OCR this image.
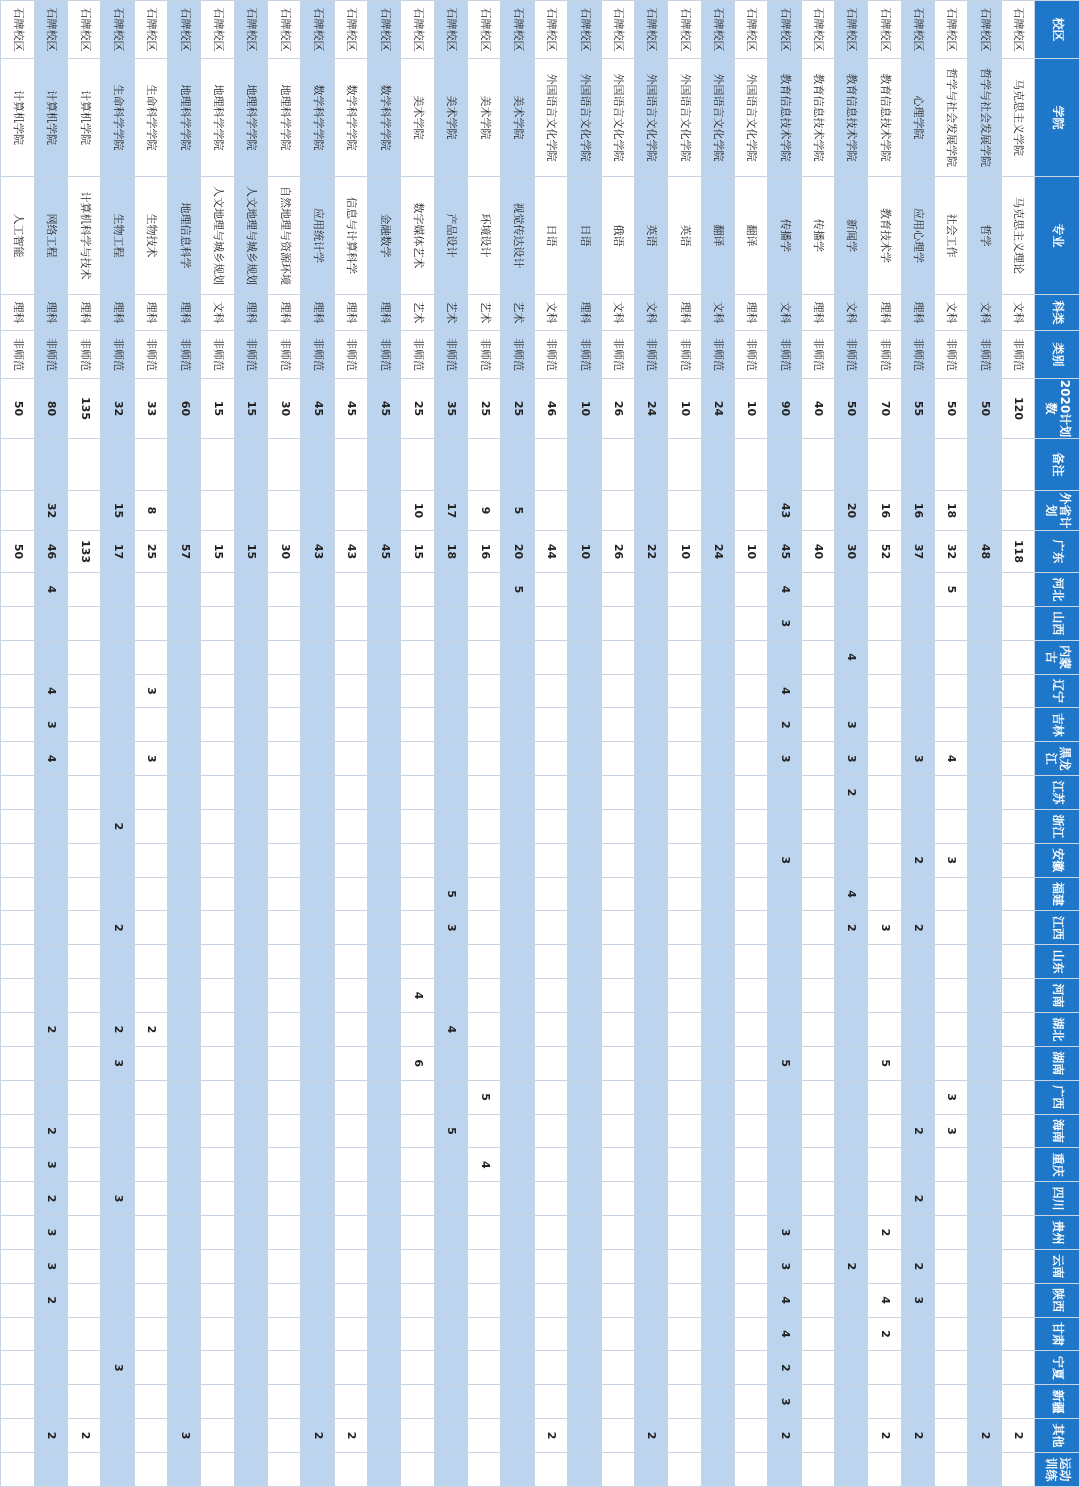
校区	学院	专业	科类	类别	2020计划数	备注	外省计划	广东	河北	山西	内蒙古	辽宁	吉林	黑龙江	江苏	浙江	安徽	福建	江西	山东	河南	湖北	湖南	广西	海南	重庆	四川	贵州	云南	陕西	甘肃	宁夏	新疆	其他	运动训练
石牌校区	马克思主义学院	马克思主义理论	文科	非师范	120			118																										2	
石牌校区	哲学与社会发展学院	哲学	文科	非师范	50			48																										2	
石牌校区	哲学与社会发展学院	社会工作	文科	非师范	50		18	32	5					4			3							3	3										
石牌校区	心理学院	应用心理学	理科	非师范	55		16	37						3			2		2						2		2		2	3				2	
石牌校区	教育信息技术学院	教育技术学	理科	非师范	70		16	52											3				5					2		4	2			2	
石牌校区	教育信息技术学院	新闻学	文科	非师范	50		20	30			4		3	3	2			4	2										2						
石牌校区	教育信息技术学院	传播学	理科	非师范	40			40																											
石牌校区	教育信息技术学院	传播学	文科	非师范	90		43	45	4	3		4	2	3			3						5					3	3	4	4	2	3	2	
石牌校区	外国语言文化学院	翻译	理科	非师范	10			10																											
石牌校区	外国语言文化学院	翻译	文科	非师范	24			24																											
石牌校区	外国语言文化学院	英语	理科	非师范	10			10																											
石牌校区	外国语言文化学院	英语	文科	非师范	24			22																										2	
石牌校区	外国语言文化学院	俄语	文科	非师范	26			26																											
石牌校区	外国语言文化学院	日语	理科	非师范	10			10																											
石牌校区	外国语言文化学院	日语	文科	非师范	46			44																										2	
石牌校区	美术学院	视觉传达设计	艺术	非师范	25		5	20	5																										
石牌校区	美术学院	环境设计	艺术	非师范	25		9	16																5		4									
石牌校区	美术学院	产品设计	艺术	非师范	35		17	18										5	3			4			5										
石牌校区	美术学院	数字媒体艺术	艺术	非师范	25		10	15													4		6												
石牌校区	数学科学学院	金融数学	理科	非师范	45			45																											
石牌校区	数学科学学院	信息与计算科学	理科	非师范	45			43																										2	
石牌校区	数学科学学院	应用统计学	理科	非师范	45			43																										2	
石牌校区	地理科学学院	自然地理与资源环境	理科	非师范	30			30																											
石牌校区	地理科学学院	人文地理与城乡规划	理科	非师范	15			15																											
石牌校区	地理科学学院	人文地理与城乡规划	文科	非师范	15			15																											
石牌校区	地理科学学院	地理信息科学	理科	非师范	60			57																										3	
石牌校区	生命科学学院	生物技术	理科	非师范	33		8	25				3		3								2													
石牌校区	生命科学学院	生物工程	理科	非师范	32		15	17								2			2			2	3				3					3			
石牌校区	计算机学院	计算机科学与技术	理科	非师范	135			133																										2	
石牌校区	计算机学院	网络工程	理科	非师范	80		32	46	4			4	3	4								2			2	3	2	3	3	2				2	
石牌校区	计算机学院	人工智能	理科	非师范	50			50																											
